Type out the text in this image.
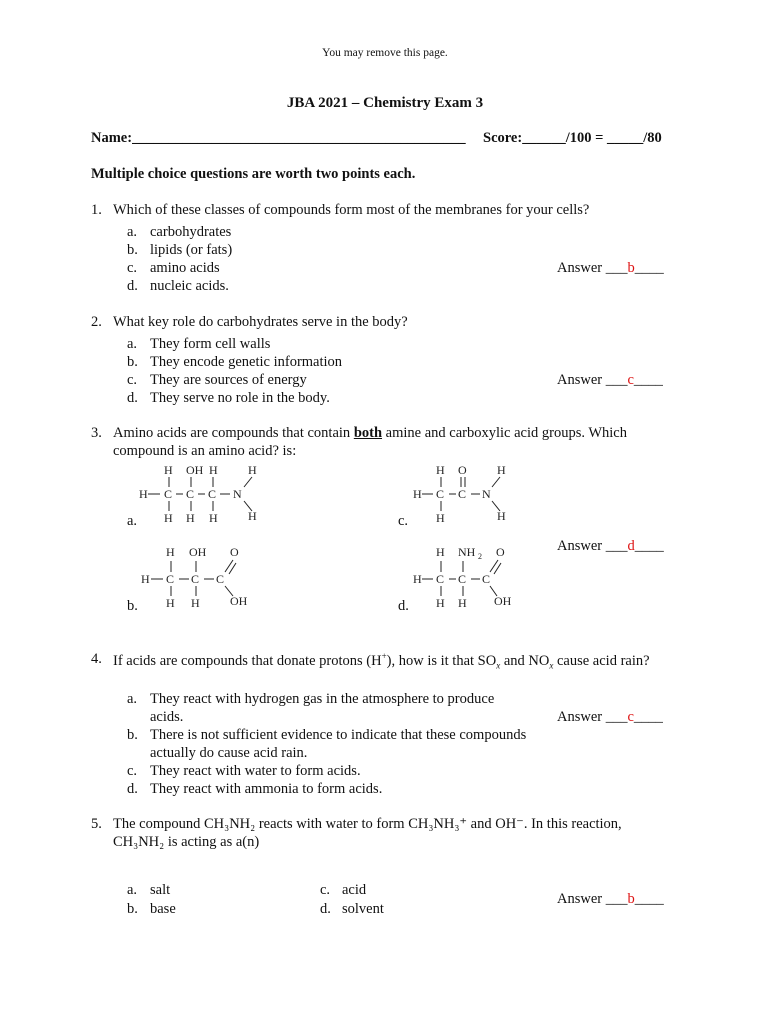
You may remove this page.
JBA 2021 – Chemistry Exam 3
Name:______________________________________________ Score:______/100 = _____/80
Multiple choice questions are worth two points each.
1. Which of these classes of compounds form most of the membranes for your cells?
a. carbohydrates
b. lipids (or fats)
c. amino acids
d. nucleic acids.
Answer ___b____
2. What key role do carbohydrates serve in the body?
a. They form cell walls
b. They encode genetic information
c. They are sources of energy
d. They serve no role in the body.
Answer ___c____
3. Amino acids are compounds that contain both amine and carboxylic acid groups. Which
compound is an amino acid? is:
a.	c.
b.	d.
Answer ___d____
H OH H	H
H C C C N
H H H	H
H O	H
H C C N
H	H
H OH O
H C C C
H H	OH
H NH 2 O
H C C C
H H OH
4. If acids are compounds that donate protons (H+), how is it that $SO_x$ and $NO_x$ cause acid rain?
a. They react with hydrogen gas in the atmosphere to produce
acids.
b. There is not sufficient evidence to indicate that these compounds
actually do cause acid rain.
c. They react with water to form acids.
d. They react with ammonia to form acids.
Answer ___c____
5. The compound CH₃NH₂ reacts with water to form CH₃NH₃⁺ and OH⁻. In this reaction,
CH₃NH₂ is acting as a(n)
a. salt
b. base
c. acid
d. solvent
Answer ___b____
